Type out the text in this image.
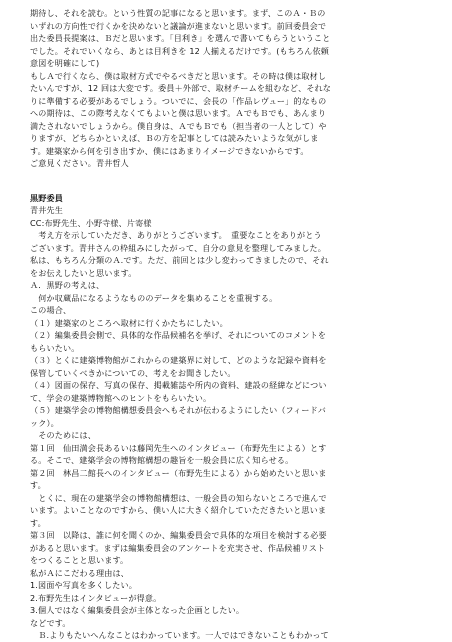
期待し、それを読む。という性質の記事になると思います。まず、このＡ・Ｂの
いずれの方向性で行くかを決めないと議論が進まないと思います。前回委員会で
出た委員長提案は、Ｂだと思います。「目利き」を選んで書いてもらうということ
でした。それでいくなら、あとは目利きを 12 人揃えるだけです。(もちろん依頼
意図を明確にして)
もしＡで行くなら、僕は取材方式でやるべきだと思います。その時は僕は取材し
たいんですが、12 回は大変です。委員＋外部で、取材チームを組むなど、それな
りに準備する必要があるでしょう。ついでに、会長の「作品レヴュー」的なもの
への期待は、この際考えなくてもよいと僕は思います。ＡでもＢでも、あんまり
満たされないでしょうから。僕自身は、ＡでもＢでも（担当者の一人として）や
りますが、どちらかといえば、Ｂの方を記事としては読みたいような気がしま
す。建築家から何を引き出すか、僕にはあまりイメージできないからです。
ご意見ください。青井哲人
黒野委員
青井先生
CC:布野先生、小野寺様、片寄様
　考え方を示していただき、ありがとうございます。　重要なことをありがとう
ございます。青井さんの枠組みにしたがって、自分の意見を整理してみました。
私は、もちろん分類のＡ.です。ただ、前回とは少し変わってきましたので、それ
をお伝えしたいと思います。
Ａ．黒野の考えは、
　何か収蔵品になるようなもののデータを集めることを重視する。
この場合、
（１）建築家のところへ取材に行くかたちにしたい。
（２）編集委員会側で、具体的な作品候補名を挙げ、それについてのコメントを
もらいたい。
（３）とくに建築博物館がこれからの建築界に対して、どのような記録や資料を
保管していくべきかについての、考えをお聞きしたい。
（４）図面の保存、写真の保存、掲載雑誌や所内の資料、建設の経緯などについ
て、学会の建築博物館へのヒントをもらいたい。
（５）建築学会の博物館構想委員会へもそれが伝わるようにしたい（フィードバ
ック）。
　そのためには、
第１回　仙田満会長あるいは藤岡先生へのインタビュー（布野先生による）とす
る。そこで、建築学会の博物館構想の趣旨を一般会員に広く知らせる。
第２回　林昌二館長へのインタビュー（布野先生による）から始めたいと思いま
す。
　とくに、現在の建築学会の博物館構想は、一般会員の知らないところで進んで
います。よいことなのですから、僕い人に大きく紹介していただきたいと思いま
す。
第３回　以降は、誰に何を聞くのか、編集委員会で具体的な項目を検討する必要
があると思います。まずは編集委員会のアンケートを充実させ、作品候補リスト
をつくることと思います。
私がＡにこだわる理由は、
1.図面や写真を多くしたい。
2.布野先生はインタビューが得意。
3.個人ではなく編集委員会が主体となった企画としたい。
などです。
　Ｂ.よりもたいへんなことはわかっています。一人ではできないこともわかって
